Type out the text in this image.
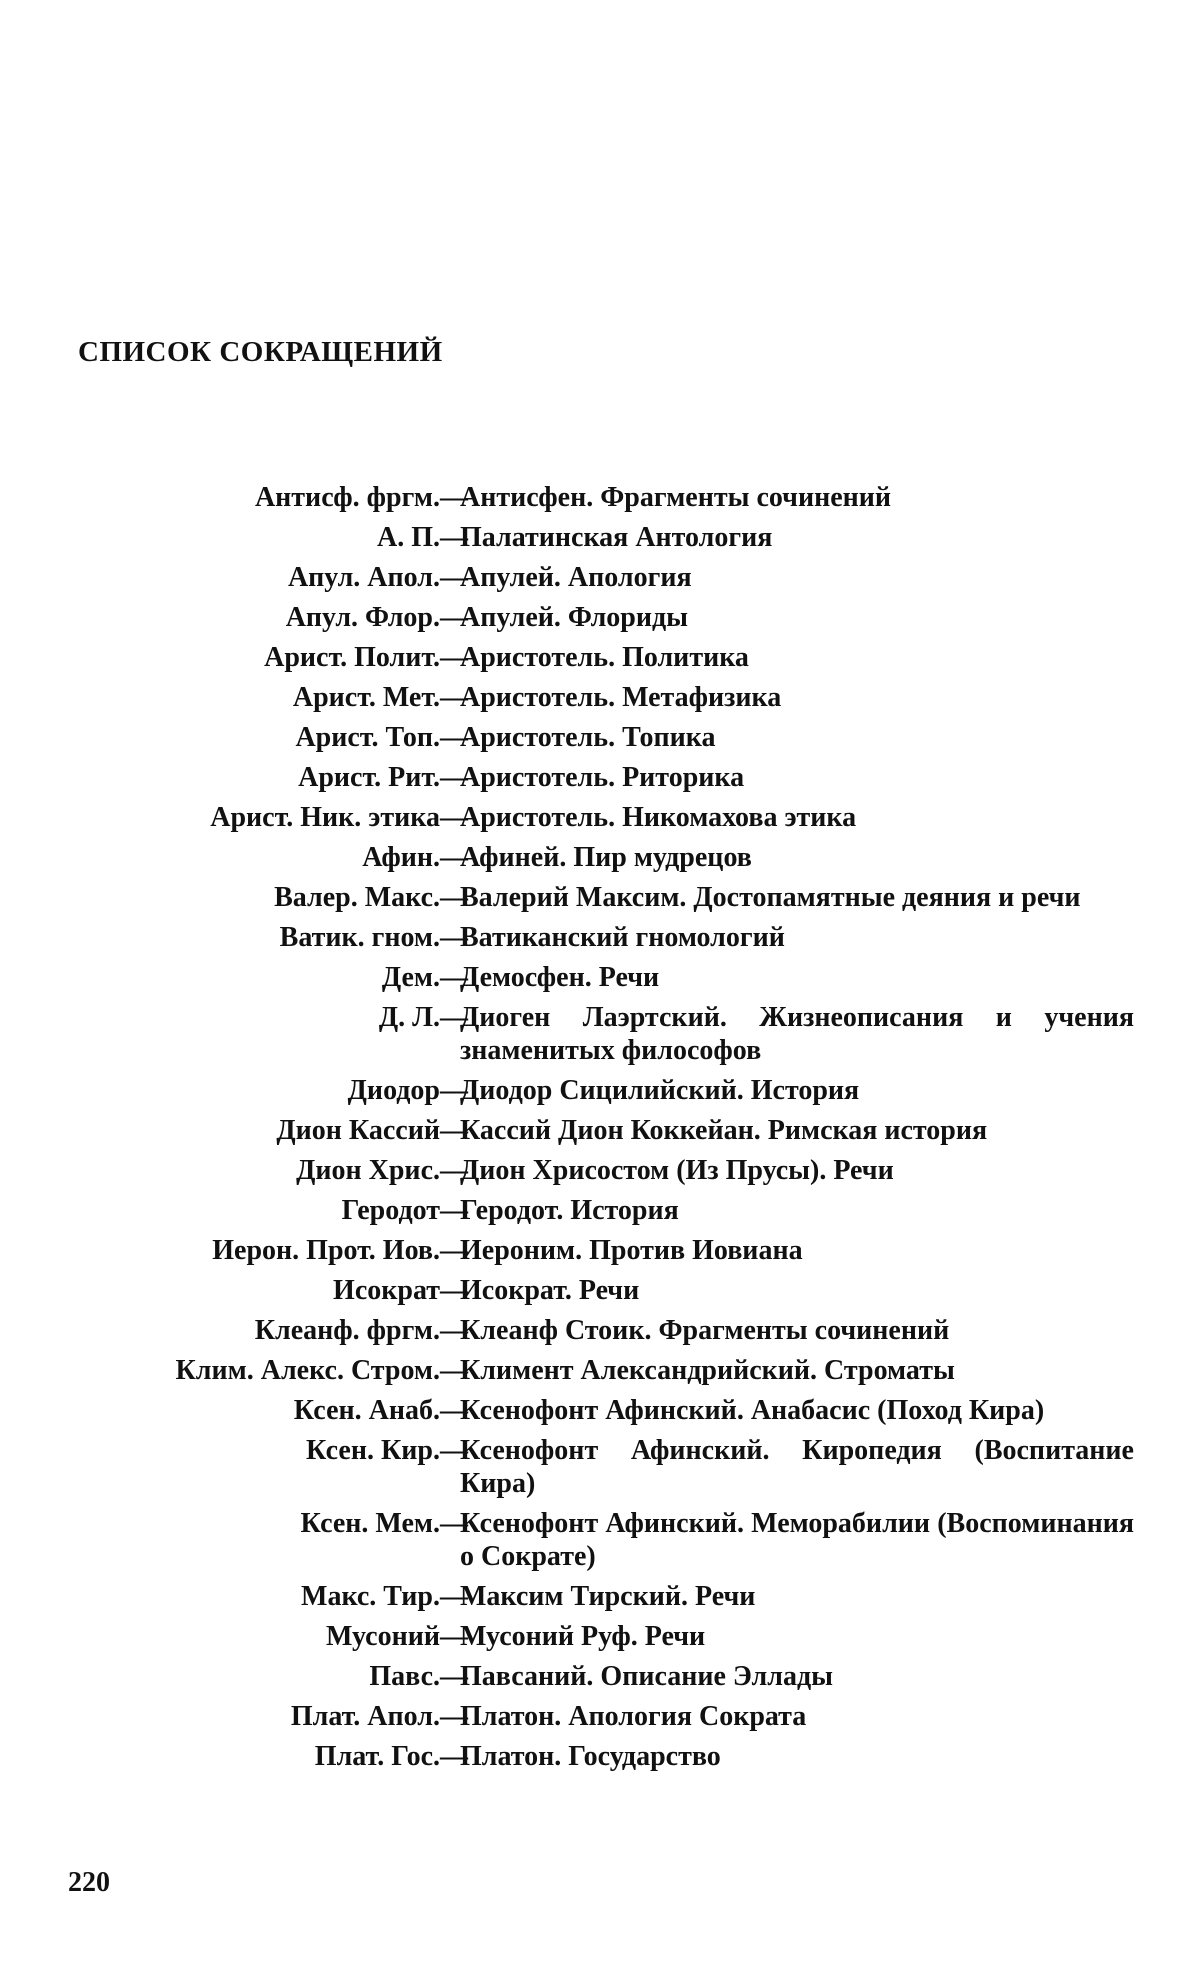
СПИСОК СОКРАЩЕНИЙ
Антисф. фргм. —
Антисфен. Фрагменты сочинений
А. П. —
Палатинская Антология
Апул. Апол. —
Апулей. Апология
Апул. Флор. —
Апулей. Флориды
Арист. Полит. —
Аристотель. Политика
Арист. Мет. —
Аристотель. Метафизика
Арист. Топ. —
Аристотель. Топика
Арист. Рит. —
Аристотель. Риторика
Арист. Ник. этика —
Аристотель. Никомахова этика
Афин. —
Афиней. Пир мудрецов
Валер. Макс. —
Валерий Максим. Достопамятные деяния и речи
Ватик. гном. —
Ватиканский гномологий
Дем. —
Демосфен. Речи
Д. Л. —
Диоген Лаэртский. Жизнеописания и учения знаменитых философов
Диодор —
Диодор Сицилийский. История
Дион Кассий —
Кассий Дион Коккейан. Римская история
Дион Хрис. —
Дион Хрисостом (Из Прусы). Речи
Геродот —
Геродот. История
Иерон. Прот. Иов. —
Иероним. Против Иовиана
Исократ —
Исократ. Речи
Клеанф. фргм. —
Клеанф Стоик. Фрагменты сочинений
Клим. Алекс. Стром. —
Климент Александрийский. Строматы
Ксен. Анаб. —
Ксенофонт Афинский. Анабасис (Поход Кира)
Ксен. Кир. —
Ксенофонт Афинский. Киропедия (Воспитание Кира)
Ксен. Мем. —
Ксенофонт Афинский. Меморабилии (Воспоминания о Сократе)
Макс. Тир. —
Максим Тирский. Речи
Мусоний —
Мусоний Руф. Речи
Павс. —
Павсаний. Описание Эллады
Плат. Апол. —
Платон. Апология Сократа
Плат. Гос. —
Платон. Государство
220
